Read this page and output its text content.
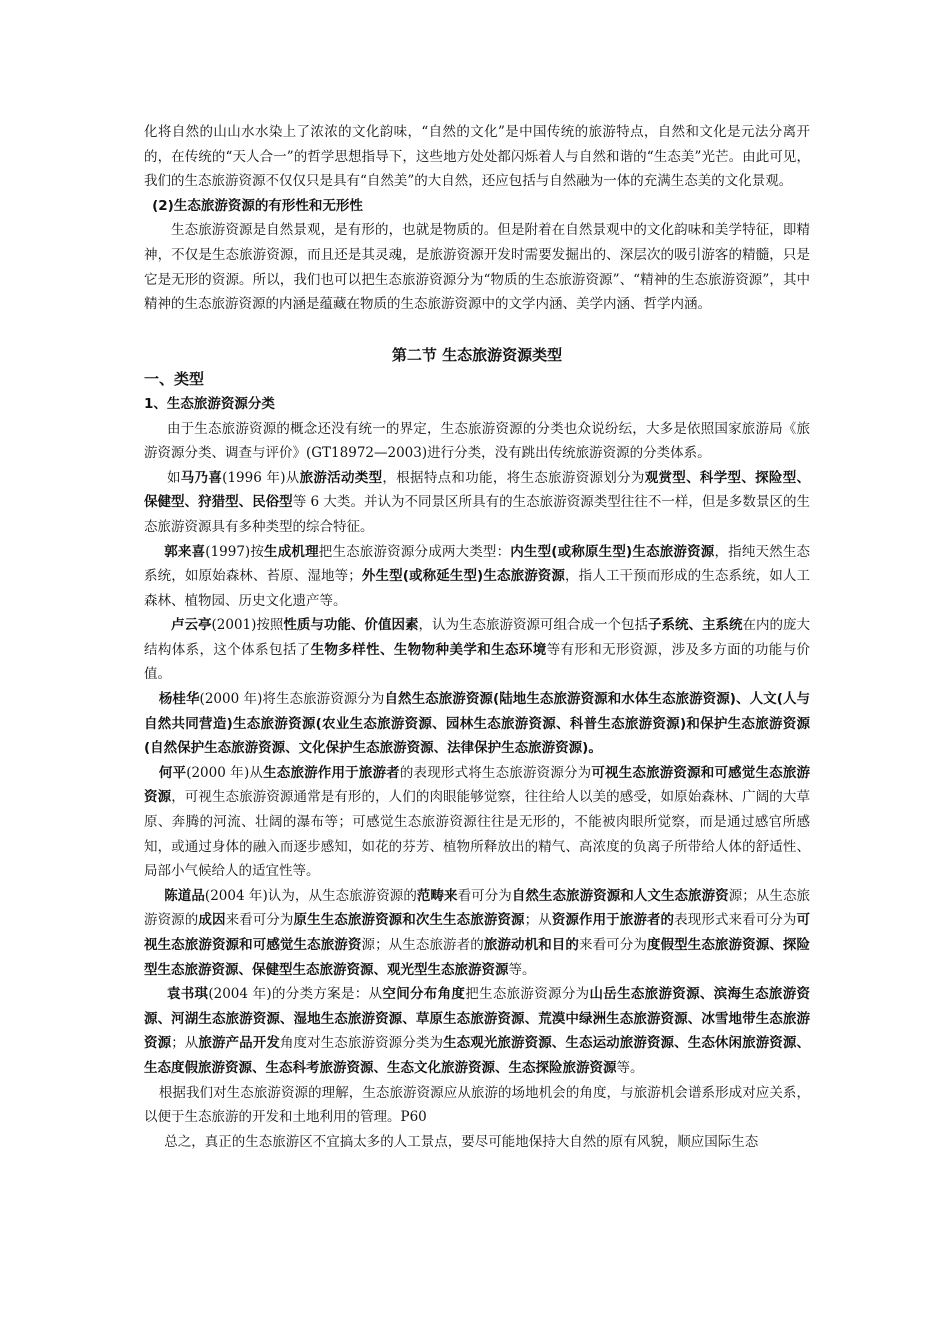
化将自然的山山水水染上了浓浓的文化韵味，“自然的文化”是中国传统的旅游特点，自然和文化是元法分离开的，在传统的“天人合一”的哲学思想指导下，这些地方处处都闪烁着人与自然和谐的“生态美”光芒。由此可见，我们的生态旅游资源不仅仅只是具有“自然美”的大自然，还应包括与自然融为一体的充满生态美的文化景观。

(2)生态旅游资源的有形性和无形性

生态旅游资源是自然景观，是有形的，也就是物质的。但是附着在自然景观中的文化韵味和美学特征，即精神，不仅是生态旅游资源，而且还是其灵魂，是旅游资源开发时需要发掘出的、深层次的吸引游客的精髓，只是它是无形的资源。所以，我们也可以把生态旅游资源分为“物质的生态旅游资源”、“精神的生态旅游资源”，其中精神的生态旅游资源的内涵是蕴藏在物质的生态旅游资源中的文学内涵、美学内涵、哲学内涵。

第二节 生态旅游资源类型

一、类型

1、生态旅游资源分类

由于生态旅游资源的概念还没有统一的界定，生态旅游资源的分类也众说纷纭，大多是依照国家旅游局《旅游资源分类、调查与评价》(GT18972—2003)进行分类，没有跳出传统旅游资源的分类体系。

如马乃喜(1996 年)从旅游活动类型，根据特点和功能，将生态旅游资源划分为观赏型、科学型、探险型、保健型、狩猎型、民俗型等 6 大类。并认为不同景区所具有的生态旅游资源类型往往不一样，但是多数景区的生态旅游资源具有多种类型的综合特征。

郭来喜(1997)按生成机理把生态旅游资源分成两大类型：内生型(或称原生型)生态旅游资源，指纯天然生态系统，如原始森林、苔原、湿地等；外生型(或称延生型)生态旅游资源，指人工干预而形成的生态系统，如人工森林、植物园、历史文化遗产等。

卢云亭(2001)按照性质与功能、价值因素，认为生态旅游资源可组合成一个包括子系统、主系统在内的庞大结构体系，这个体系包括了生物多样性、生物物种美学和生态环境等有形和无形资源，涉及多方面的功能与价值。

杨桂华(2000 年)将生态旅游资源分为自然生态旅游资源(陆地生态旅游资源和水体生态旅游资源)、人文(人与自然共同营造)生态旅游资源(农业生态旅游资源、园林生态旅游资源、科普生态旅游资源)和保护生态旅游资源(自然保护生态旅游资源、文化保护生态旅游资源、法律保护生态旅游资源)。

何平(2000 年)从生态旅游作用于旅游者的表现形式将生态旅游资源分为可视生态旅游资源和可感觉生态旅游资源，可视生态旅游资源通常是有形的，人们的肉眼能够觉察，往往给人以美的感受，如原始森林、广阔的大草原、奔腾的河流、壮阔的瀑布等；可感觉生态旅游资源往往是无形的，不能被肉眼所觉察，而是通过感官所感知，或通过身体的融入而逐步感知，如花的芬芳、植物所释放出的精气、高浓度的负离子所带给人体的舒适性、局部小气候给人的适宜性等。

陈道品(2004 年)认为，从生态旅游资源的范畴来看可分为自然生态旅游资源和人文生态旅游资源；从生态旅游资源的成因来看可分为原生生态旅游资源和次生生态旅游资源；从资源作用于旅游者的表现形式来看可分为可视生态旅游资源和可感觉生态旅游资源；从生态旅游者的旅游动机和目的来看可分为度假型生态旅游资源、探险型生态旅游资源、保健型生态旅游资源、观光型生态旅游资源等。

袁书琪(2004 年)的分类方案是：从空间分布角度把生态旅游资源分为山岳生态旅游资源、滨海生态旅游资源、河湖生态旅游资源、湿地生态旅游资源、草原生态旅游资源、荒漠中绿洲生态旅游资源、冰雪地带生态旅游资源；从旅游产品开发角度对生态旅游资源分类为生态观光旅游资源、生态运动旅游资源、生态休闲旅游资源、生态度假旅游资源、生态科考旅游资源、生态文化旅游资源、生态探险旅游资源等。

根据我们对生态旅游资源的理解，生态旅游资源应从旅游的场地机会的角度，与旅游机会谱系形成对应关系，以便于生态旅游的开发和土地利用的管理。P60

总之，真正的生态旅游区不宜搞太多的人工景点，要尽可能地保持大自然的原有风貌，顺应国际生态
